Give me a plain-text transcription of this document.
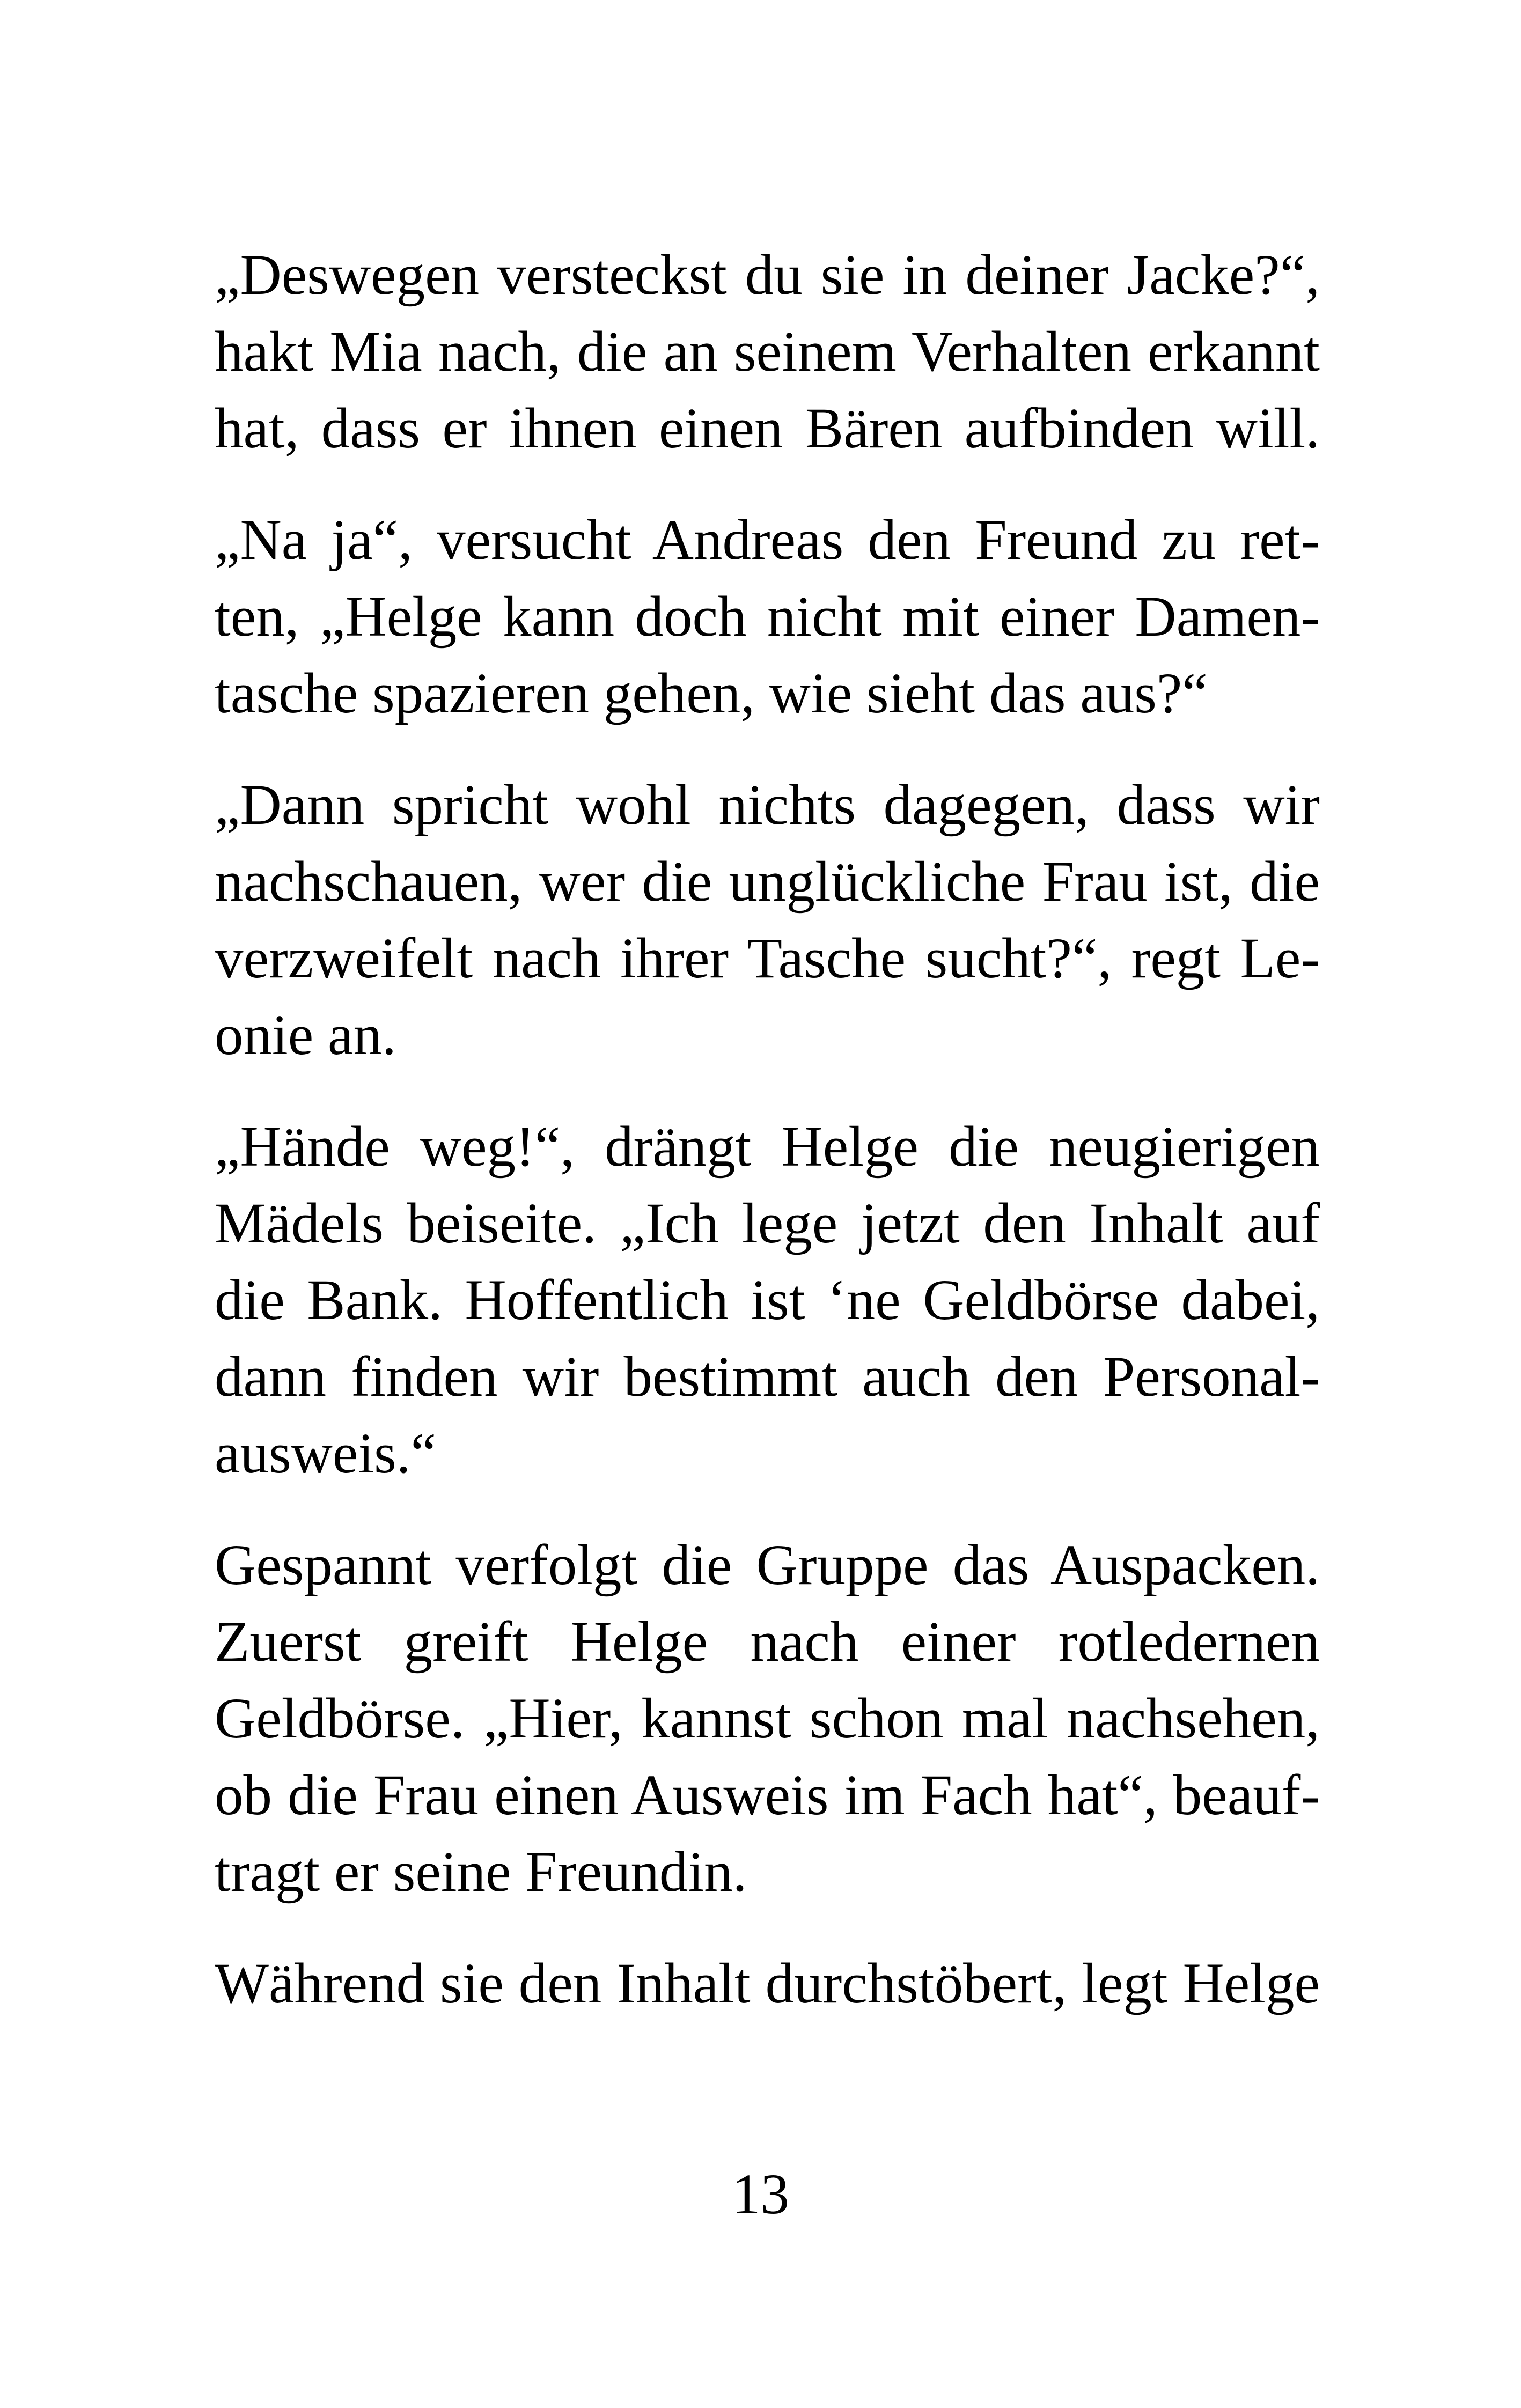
„Deswegen versteckst du sie in deiner Jacke?“,
hakt Mia nach, die an seinem Verhalten erkannt
hat, dass er ihnen einen Bären aufbinden will.
„Na ja“, versucht Andreas den Freund zu ret-
ten, „Helge kann doch nicht mit einer Damen-
tasche spazieren gehen, wie sieht das aus?“
„Dann spricht wohl nichts dagegen, dass wir
nachschauen, wer die unglückliche Frau ist, die
verzweifelt nach ihrer Tasche sucht?“, regt Le-
onie an.
„Hände weg!“, drängt Helge die neugierigen
Mädels beiseite. „Ich lege jetzt den Inhalt auf
die Bank. Hoffentlich ist ‘ne Geldbörse dabei,
dann finden wir bestimmt auch den Personal-
ausweis.“
Gespannt verfolgt die Gruppe das Auspacken.
Zuerst greift Helge nach einer rotledernen
Geldbörse. „Hier, kannst schon mal nachsehen,
ob die Frau einen Ausweis im Fach hat“, beauf-
tragt er seine Freundin.
Während sie den Inhalt durchstöbert, legt Helge
13
